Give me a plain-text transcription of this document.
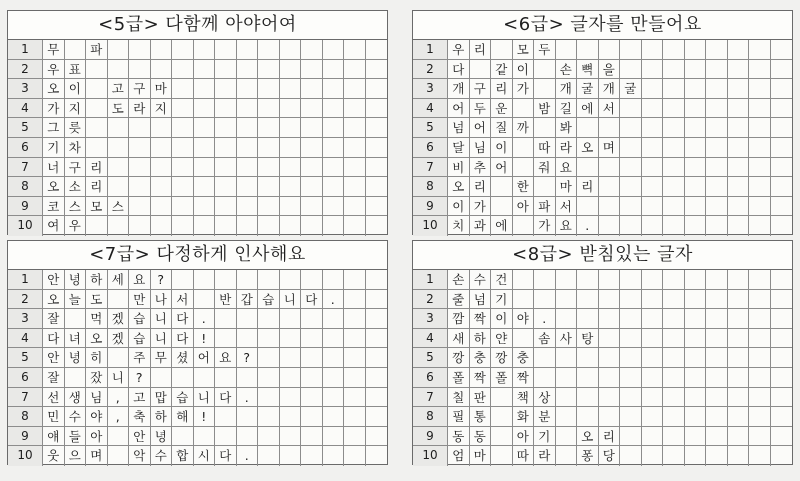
<5급> 다함께 아야어여
1	무	파
2	우 표
3	오 이	고 구 마
4	가 지	도 라 지
5	그 릇
6	기 차
7	너 구 리
8	오 소 리
9	코 스 모 스
10	여 우
<6급> 글자를 만들어요
1	우 리	모 두
2	다	같 이	손 뼉 을
3	개 구 리 가	개 굴 개 굴
4	어 두 운	밤 길 에 서
5	넘 어 질 까	봐
6	달 님 이	따 라 오 며
7	비 추 어	줘 요
8	오 리	한	마 리
9	이 가	아 파 서
10	치 과 에	가 요	.
<7급> 다정하게 인사해요
1	안 녕 하 세 요 ?
2	오 늘 도	만 나 서	반 갑 습 니 다	.
3	잘	먹 겠 습 니 다	.
4	다 녀 오 겠 습 니 다	!
5	안 녕 히	주 무 셨 어 요 ?
6	잘	잤 니 ?
7	선 생 님	,	고 맙 습 니 다	.
8	민 수 야	,	축 하 해	!
9	얘 들 아	안 녕
10	웃 으 며	악 수 합 시 다	.
<8급> 받침있는 글자
1	손 수 건
2	줄 넘 기
3	깜 짝 이 야	.
4	새 하 얀	솜 사 탕
5	깡 충 깡 충
6	폴 짝 폴 짝
7	칠 판	책 상
8	필 통	화 분
9	동 동	아 기	오 리
10	엄 마	따 라	퐁 당
